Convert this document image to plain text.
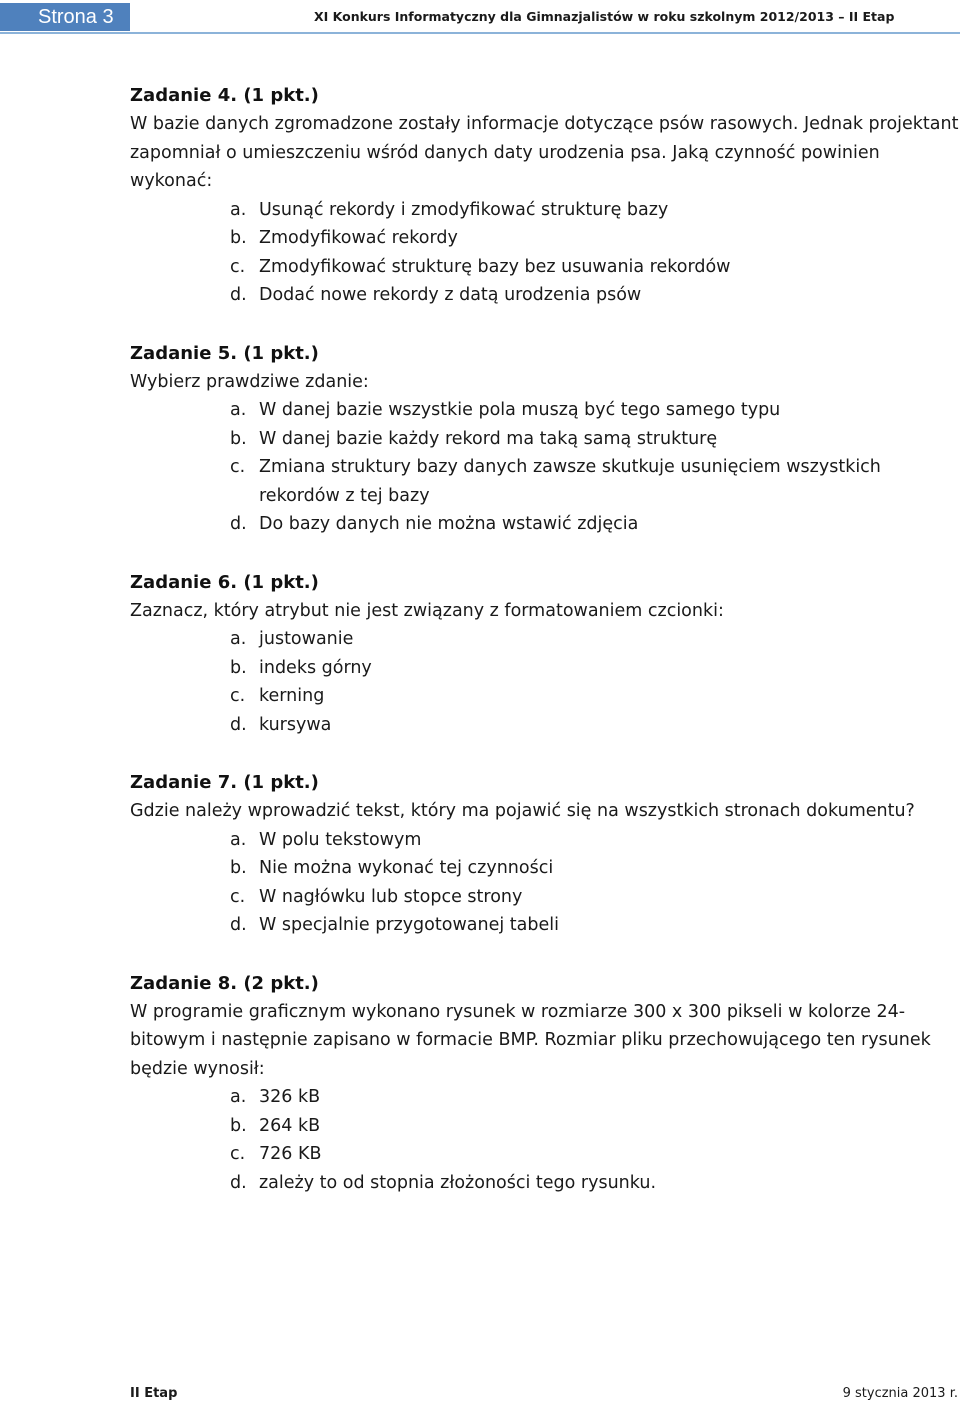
Strona 3	XI Konkurs Informatyczny dla Gimnazjalistów w roku szkolnym 2012/2013 – II Etap

Zadanie 4. (1 pkt.)

W bazie danych zgromadzone zostały informacje dotyczące psów rasowych. Jednak projektant zapomniał o umieszczeniu wśród danych daty urodzenia psa. Jaką czynność powinien wykonać:

a. Usunąć rekordy i zmodyfikować strukturę bazy
b. Zmodyfikować rekordy
c. Zmodyfikować strukturę bazy bez usuwania rekordów
d. Dodać nowe rekordy z datą urodzenia psów

Zadanie 5. (1 pkt.)

Wybierz prawdziwe zdanie:

a. W danej bazie wszystkie pola muszą być tego samego typu
b. W danej bazie każdy rekord ma taką samą strukturę
c. Zmiana struktury bazy danych zawsze skutkuje usunięciem wszystkich rekordów z tej bazy
d. Do bazy danych nie można wstawić zdjęcia

Zadanie 6. (1 pkt.)

Zaznacz, który atrybut nie jest związany z formatowaniem czcionki:

a. justowanie
b. indeks górny
c. kerning
d. kursywa

Zadanie 7. (1 pkt.)

Gdzie należy wprowadzić tekst, który ma pojawić się na wszystkich stronach dokumentu?

a. W polu tekstowym
b. Nie można wykonać tej czynności
c. W nagłówku lub stopce strony
d. W specjalnie przygotowanej tabeli

Zadanie 8. (2 pkt.)

W programie graficznym wykonano rysunek w rozmiarze 300 x 300 pikseli w kolorze 24-bitowym i następnie zapisano w formacie BMP. Rozmiar pliku przechowującego ten rysunek będzie wynosił:

a. 326 kB
b. 264 kB
c. 726 KB
d. zależy to od stopnia złożoności tego rysunku.
II Etap	9 stycznia 2013 r.
